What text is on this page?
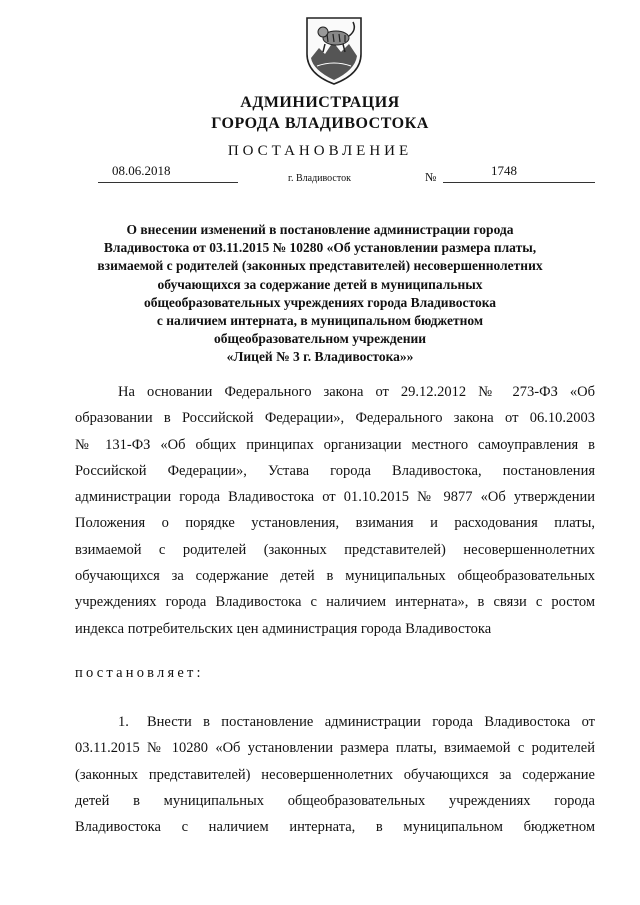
АДМИНИСТРАЦИЯ
ГОРОДА ВЛАДИВОСТОКА
ПОСТАНОВЛЕНИЕ
08.06.2018
г. Владивосток	№	1748
О внесении изменений в постановление администрации города
Владивостока от 03.11.2015 № 10280 «Об установлении размера платы,
взимаемой с родителей (законных представителей) несовершеннолетних
обучающихся за содержание детей в муниципальных
общеобразовательных учреждениях города Владивостока
с наличием интерната, в муниципальном бюджетном
общеобразовательном учреждении
«Лицей № 3 г. Владивостока»»
На основании Федерального закона от 29.12.2012 № 273-ФЗ «Об
образовании в Российской Федерации», Федерального закона от 06.10.2003
№ 131-ФЗ «Об общих принципах организации местного самоуправления в
Российской Федерации», Устава города Владивостока, постановления
администрации города Владивостока от 01.10.2015 № 9877 «Об утверждении
Положения о порядке установления, взимания и расходования платы,
взимаемой с родителей (законных представителей) несовершеннолетних
обучающихся за содержание детей в муниципальных общеобразовательных
учреждениях города Владивостока с наличием интерната», в связи с ростом
индекса потребительских цен администрация города Владивостока
постановляет:
1.	Внести в постановление администрации города Владивостока от
03.11.2015 № 10280 «Об установлении размера платы, взимаемой с родителей
(законных представителей) несовершеннолетних обучающихся за содержание
детей в муниципальных общеобразовательных учреждениях города
Владивостока с наличием интерната, в муниципальном бюджетном
